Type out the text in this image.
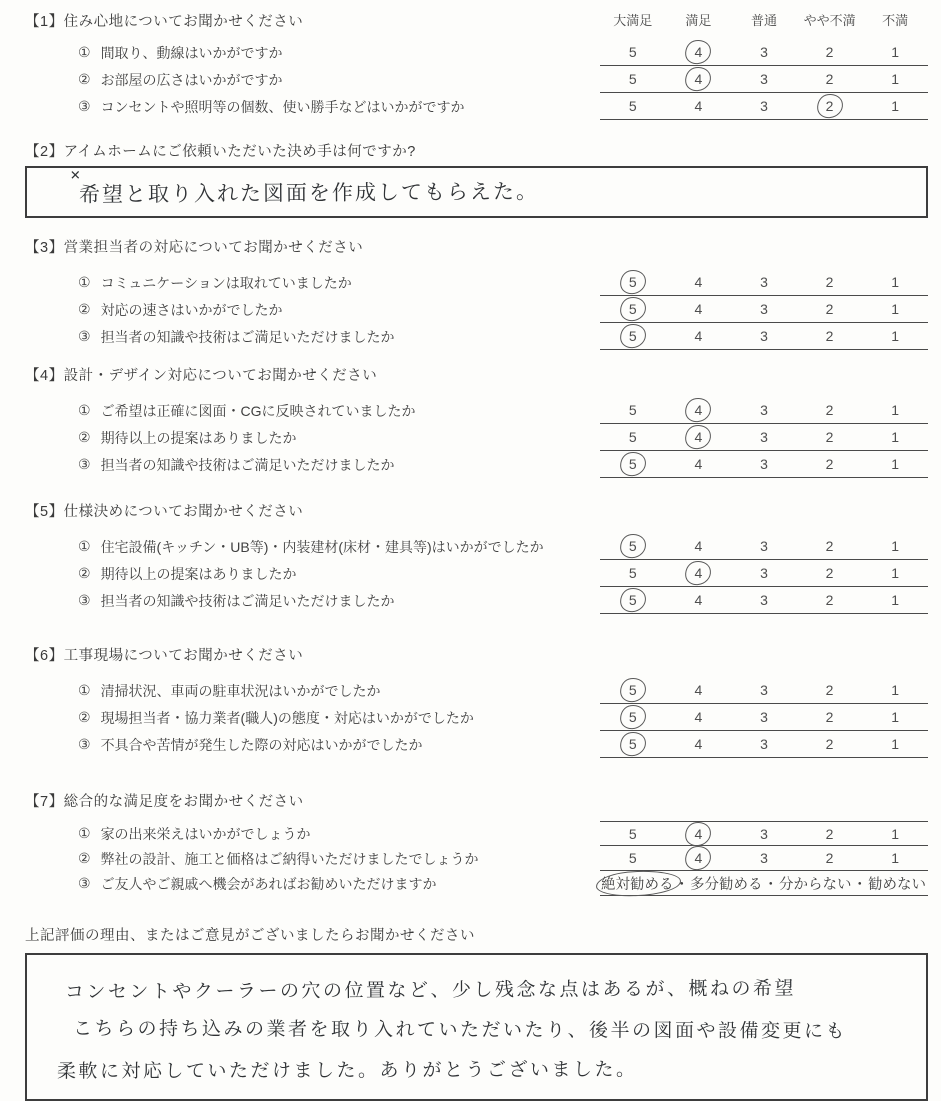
【1】住み心地についてお聞かせください	大満足	満足	普通	やや不満	不満
① 間取り、動線はいかがですか	5	4	3	2	1
② お部屋の広さはいかがですか	5	4	3	2	1
③ コンセントや照明等の個数、使い勝手などはいかがですか	5	4	3	2	1
【2】アイムホームにご依頼いただいた決め手は何ですか?
✕
希望と取り入れた図面を作成してもらえた。
【3】営業担当者の対応についてお聞かせください
① コミュニケーションは取れていましたか	5	4	3	2	1
② 対応の速さはいかがでしたか	5	4	3	2	1
③ 担当者の知識や技術はご満足いただけましたか	5	4	3	2	1
【4】設計・デザイン対応についてお聞かせください
① ご希望は正確に図面・CGに反映されていましたか	5	4	3	2	1
② 期待以上の提案はありましたか	5	4	3	2	1
③ 担当者の知識や技術はご満足いただけましたか	5	4	3	2	1
【5】仕様決めについてお聞かせください
① 住宅設備(キッチン・UB等)・内装建材(床材・建具等)はいかがでしたか	5	4	3	2	1
② 期待以上の提案はありましたか	5	4	3	2	1
③ 担当者の知識や技術はご満足いただけましたか	5	4	3	2	1
【6】工事現場についてお聞かせください
① 清掃状況、車両の駐車状況はいかがでしたか	5	4	3	2	1
② 現場担当者・協力業者(職人)の態度・対応はいかがでしたか	5	4	3	2	1
③ 不具合や苦情が発生した際の対応はいかがでしたか	5	4	3	2	1
【7】総合的な満足度をお聞かせください
① 家の出来栄えはいかがでしょうか	5	4	3	2	1
② 弊社の設計、施工と価格はご納得いただけましたでしょうか	5	4	3	2	1
③ ご友人やご親戚へ機会があればお勧めいただけますか	絶対勧める ・ 多分勧める ・ 分からない ・ 勧めない
上記評価の理由、またはご意見がございましたらお聞かせください
コンセントやクーラーの穴の位置など、少し残念な点はあるが、概ねの希望
こちらの持ち込みの業者を取り入れていただいたり、後半の図面や設備変更にも
柔軟に対応していただけました。ありがとうございました。
